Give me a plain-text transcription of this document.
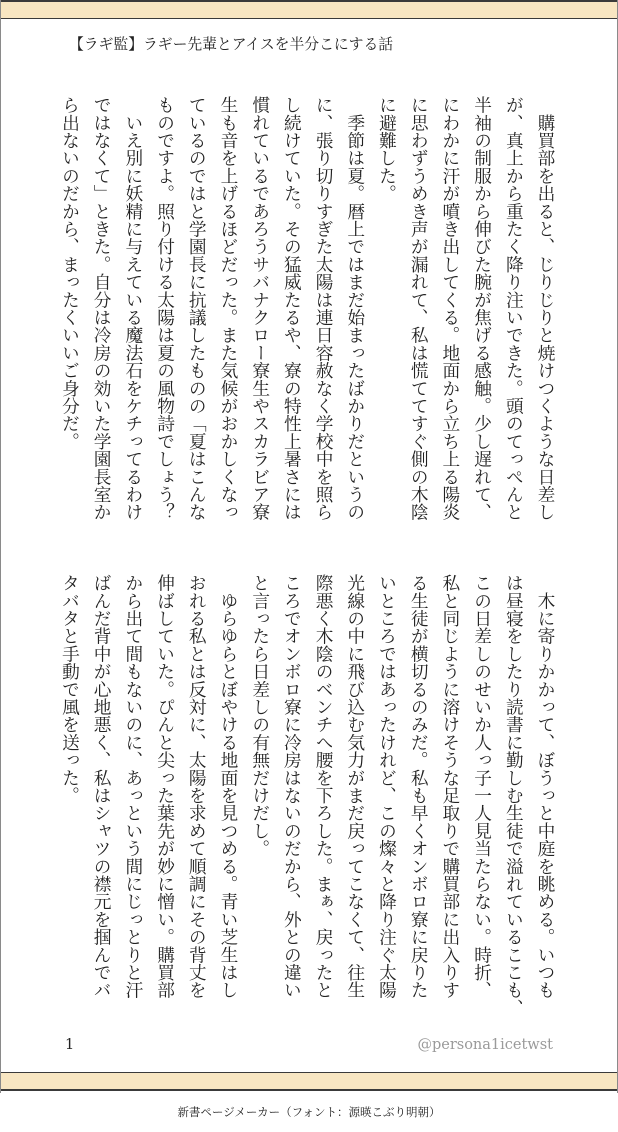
【ラギ監】ラギー先輩とアイスを半分こにする話
　購買部を出ると、じりじりと焼けつくような日差し
が、真上から重たく降り注いできた。頭のてっぺんと
半袖の制服から伸びた腕が焦げる感触。少し遅れて、
にわかに汗が噴き出してくる。地面から立ち上る陽炎
に思わずうめき声が漏れて、私は慌ててすぐ側の木陰
に避難した。
　季節は夏。暦上ではまだ始まったばかりだというの
に、張り切りすぎた太陽は連日容赦なく学校中を照ら
し続けていた。その猛威たるや、寮の特性上暑さには
慣れているであろうサバナクロー寮生やスカラビア寮
生も音を上げるほどだった。また気候がおかしくなっ
ているのではと学園長に抗議したものの「夏はこんな
ものですよ。照り付ける太陽は夏の風物詩でしょう？
　いえ別に妖精に与えている魔法石をケチってるわけ
ではなくて」ときた。自分は冷房の効いた学園長室か
ら出ないのだから、まったくいいご身分だ。
　木に寄りかかって、ぼうっと中庭を眺める。いつも
は昼寝をしたり読書に勤しむ生徒で溢れているここも、
この日差しのせいか人っ子一人見当たらない。時折、
私と同じように溶けそうな足取りで購買部に出入りす
る生徒が横切るのみだ。私も早くオンボロ寮に戻りた
いところではあったけれど、この燦々と降り注ぐ太陽
光線の中に飛び込む気力がまだ戻ってこなくて、往生
際悪く木陰のベンチへ腰を下ろした。まぁ、戻ったと
ころでオンボロ寮に冷房はないのだから、外との違い
と言ったら日差しの有無だけだし。
　ゆらゆらとぼやける地面を見つめる。青い芝生はし
おれる私とは反対に、太陽を求めて順調にその背丈を
伸ばしていた。ぴんと尖った葉先が妙に憎い。購買部
から出て間もないのに、あっという間にじっとりと汗
ばんだ背中が心地悪く、私はシャツの襟元を掴んでバ
タバタと手動で風を送った。
1	@persona1icetwst
新書ページメーカー（フォント：源暎こぶり明朝）
